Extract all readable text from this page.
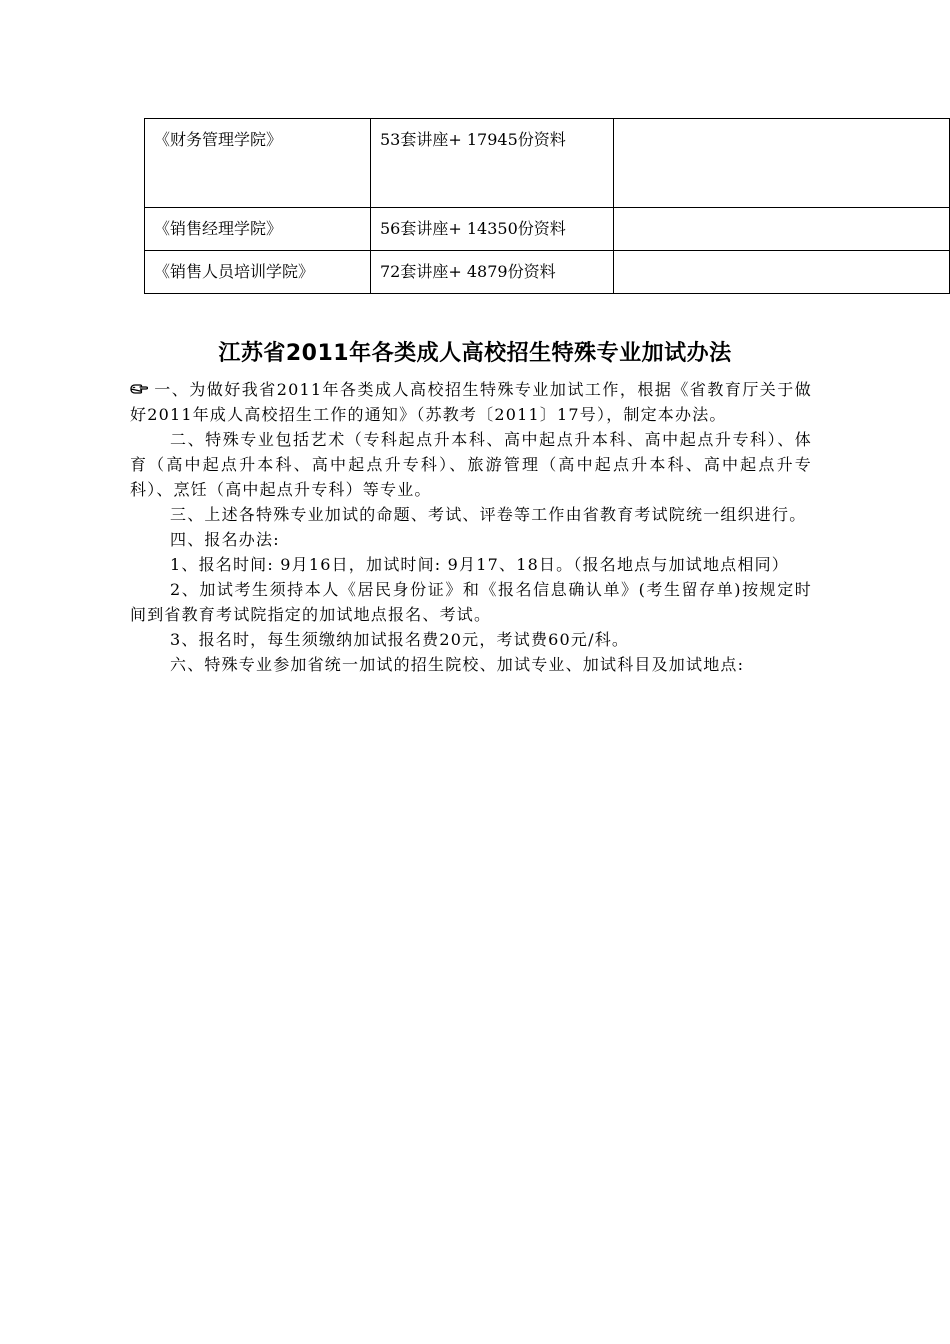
《财务管理学院》	53套讲座+ 17945份资料	

《销售经理学院》	56套讲座+ 14350份资料	

《销售人员培训学院》	72套讲座+ 4879份资料	

江苏省2011年各类成人高校招生特殊专业加试办法

一、为做好我省2011年各类成人高校招生特殊专业加试工作，根据《省教育厅关于做好2011年成人高校招生工作的通知》（苏教考〔2011〕17号），制定本办法。

二、特殊专业包括艺术（专科起点升本科、高中起点升本科、高中起点升专科）、体育（高中起点升本科、高中起点升专科）、旅游管理（高中起点升本科、高中起点升专科）、烹饪（高中起点升专科）等专业。

三、上述各特殊专业加试的命题、考试、评卷等工作由省教育考试院统一组织进行。

四、报名办法:

1、报名时间: 9月16日，加试时间: 9月17、18日。（报名地点与加试地点相同）

2、加试考生须持本人《居民身份证》和《报名信息确认单》(考生留存单)按规定时间到省教育考试院指定的加试地点报名、考试。

3、报名时，每生须缴纳加试报名费20元，考试费60元/科。

六、特殊专业参加省统一加试的招生院校、加试专业、加试科目及加试地点:
